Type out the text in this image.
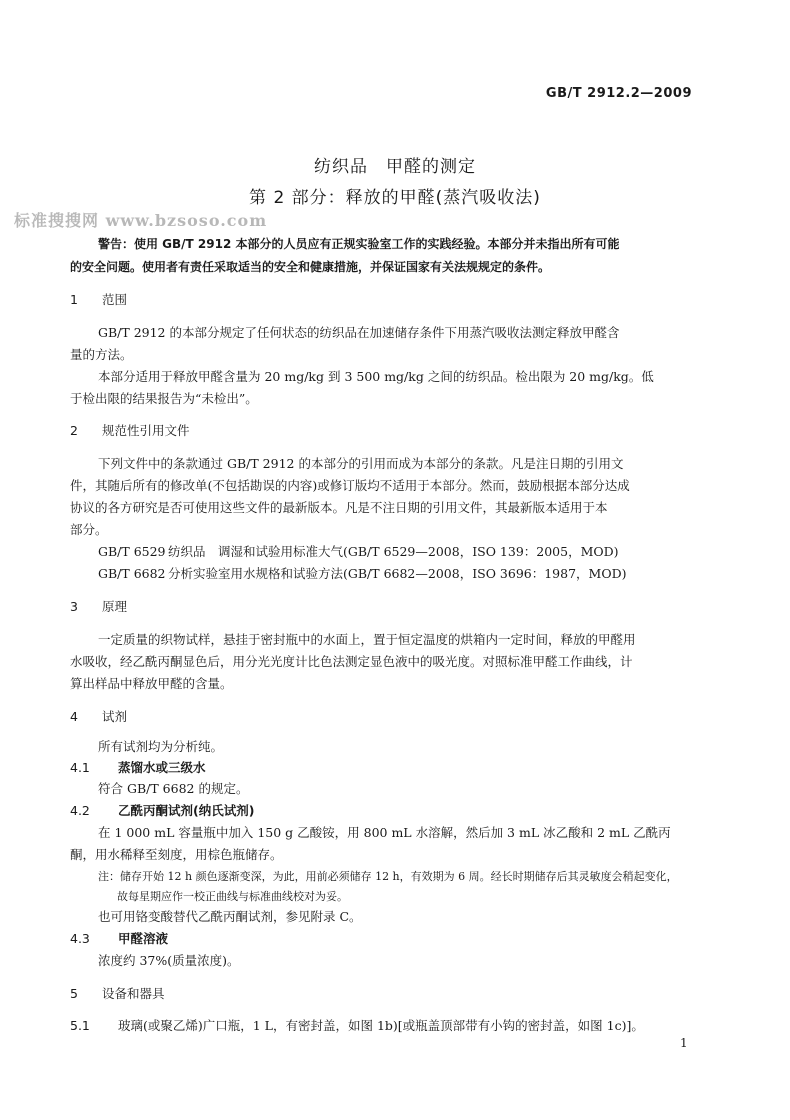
GB/T 2912.2—2009
纺织品　甲醛的测定
第 2 部分：释放的甲醛(蒸汽吸收法)
标准搜搜网 www.bzsoso.com
警告：使用 GB/T 2912 本部分的人员应有正规实验室工作的实践经验。本部分并未指出所有可能
的安全问题。使用者有责任采取适当的安全和健康措施，并保证国家有关法规规定的条件。
1 范围
GB/T 2912 的本部分规定了任何状态的纺织品在加速储存条件下用蒸汽吸收法测定释放甲醛含
量的方法。
本部分适用于释放甲醛含量为 20 mg/kg 到 3 500 mg/kg 之间的纺织品。检出限为 20 mg/kg。低
于检出限的结果报告为“未检出”。
2 规范性引用文件
下列文件中的条款通过 GB/T 2912 的本部分的引用而成为本部分的条款。凡是注日期的引用文
件，其随后所有的修改单(不包括勘误的内容)或修订版均不适用于本部分。然而，鼓励根据本部分达成
协议的各方研究是否可使用这些文件的最新版本。凡是不注日期的引用文件，其最新版本适用于本
部分。
GB/T 6529 纺织品　调湿和试验用标准大气(GB/T 6529—2008，ISO 139：2005，MOD)
GB/T 6682 分析实验室用水规格和试验方法(GB/T 6682—2008，ISO 3696：1987，MOD)
3 原理
一定质量的织物试样，悬挂于密封瓶中的水面上，置于恒定温度的烘箱内一定时间，释放的甲醛用
水吸收，经乙酰丙酮显色后，用分光光度计比色法测定显色液中的吸光度。对照标准甲醛工作曲线，计
算出样品中释放甲醛的含量。
4 试剂
所有试剂均为分析纯。
4.1 蒸馏水或三级水
符合 GB/T 6682 的规定。
4.2 乙酰丙酮试剂(纳氏试剂)
在 1 000 mL 容量瓶中加入 150 g 乙酸铵，用 800 mL 水溶解，然后加 3 mL 冰乙酸和 2 mL 乙酰丙
酮，用水稀释至刻度，用棕色瓶储存。
注：储存开始 12 h 颜色逐渐变深，为此，用前必须储存 12 h，有效期为 6 周。经长时期储存后其灵敏度会稍起变化，
故每星期应作一校正曲线与标准曲线校对为妥。
也可用铬变酸替代乙酰丙酮试剂，参见附录 C。
4.3 甲醛溶液
浓度约 37%(质量浓度)。
5 设备和器具
5.1 玻璃(或聚乙烯)广口瓶，1 L，有密封盖，如图 1b)[或瓶盖顶部带有小钩的密封盖，如图 1c)]。
1
